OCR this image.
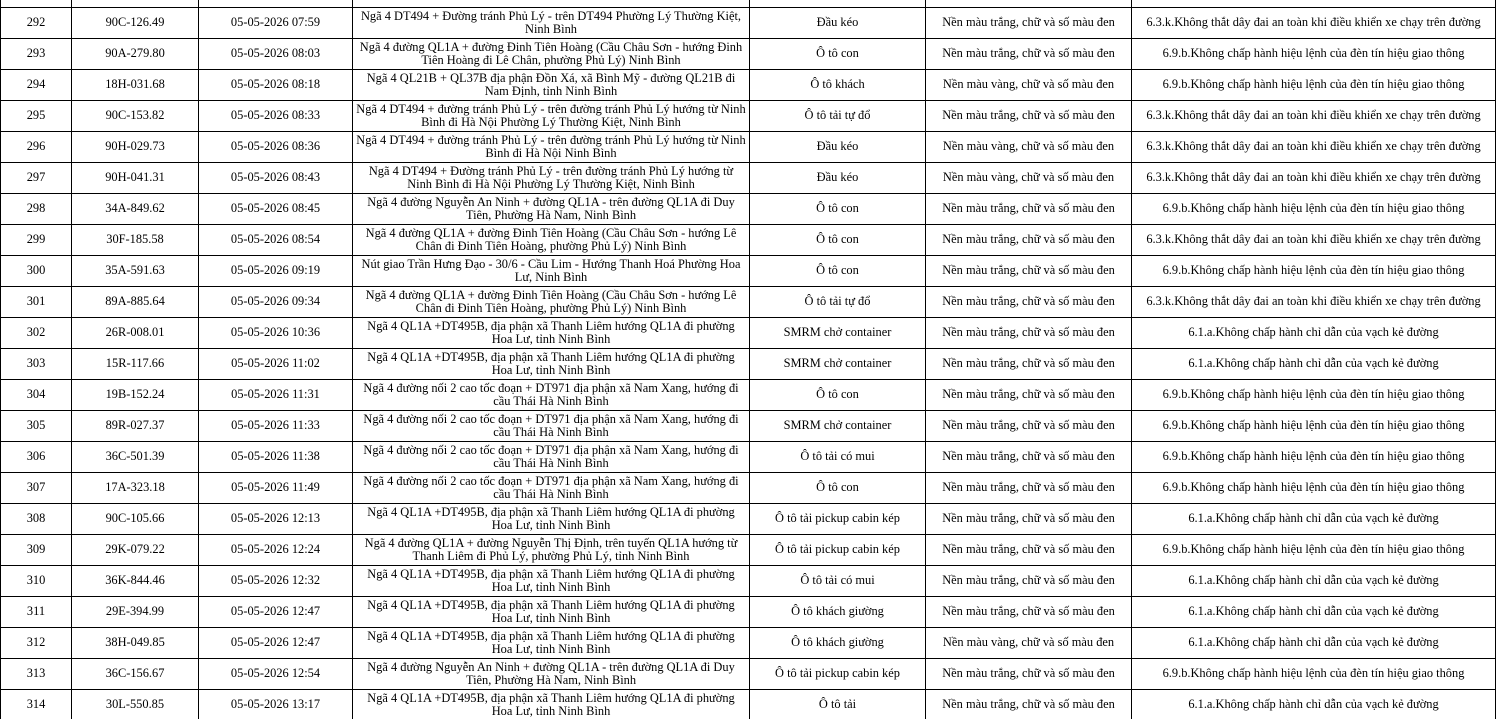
292	90C-126.49	05-05-2026 07:59	Ngã 4 DT494 + Đường tránh Phủ Lý - trên DT494 Phường Lý Thường Kiệt, Ninh Bình	Đầu kéo	Nền màu trắng, chữ và số màu đen	6.3.k.Không thắt dây đai an toàn khi điều khiển xe chạy trên đường
293	90A-279.80	05-05-2026 08:03	Ngã 4 đường QL1A + đường Đinh Tiên Hoàng (Cầu Châu Sơn - hướng Đinh Tiên Hoàng đi Lê Chân, phường Phủ Lý) Ninh Bình	Ô tô con	Nền màu trắng, chữ và số màu đen	6.9.b.Không chấp hành hiệu lệnh của đèn tín hiệu giao thông
294	18H-031.68	05-05-2026 08:18	Ngã 4 QL21B + QL37B địa phận Đồn Xá, xã Bình Mỹ - đường QL21B đi Nam Định, tỉnh Ninh Bình	Ô tô khách	Nền màu vàng, chữ và số màu đen	6.9.b.Không chấp hành hiệu lệnh của đèn tín hiệu giao thông
295	90C-153.82	05-05-2026 08:33	Ngã 4 DT494 + đường tránh Phủ Lý - trên đường tránh Phủ Lý hướng từ Ninh Bình đi Hà Nội Phường Lý Thường Kiệt, Ninh Bình	Ô tô tải tự đổ	Nền màu trắng, chữ và số màu đen	6.3.k.Không thắt dây đai an toàn khi điều khiển xe chạy trên đường
296	90H-029.73	05-05-2026 08:36	Ngã 4 DT494 + đường tránh Phủ Lý - trên đường tránh Phủ Lý hướng từ Ninh Bình đi Hà Nội Ninh Bình	Đầu kéo	Nền màu vàng, chữ và số màu đen	6.3.k.Không thắt dây đai an toàn khi điều khiển xe chạy trên đường
297	90H-041.31	05-05-2026 08:43	Ngã 4 DT494 + Đường tránh Phủ Lý - trên đường tránh Phủ Lý hướng từ Ninh Bình đi Hà Nội Phường Lý Thường Kiệt, Ninh Bình	Đầu kéo	Nền màu vàng, chữ và số màu đen	6.3.k.Không thắt dây đai an toàn khi điều khiển xe chạy trên đường
298	34A-849.62	05-05-2026 08:45	Ngã 4 đường Nguyễn An Ninh + đường QL1A - trên đường QL1A đi Duy Tiên, Phường Hà Nam, Ninh Bình	Ô tô con	Nền màu trắng, chữ và số màu đen	6.9.b.Không chấp hành hiệu lệnh của đèn tín hiệu giao thông
299	30F-185.58	05-05-2026 08:54	Ngã 4 đường QL1A + đường Đinh Tiên Hoàng (Cầu Châu Sơn - hướng Lê Chân đi Đinh Tiên Hoàng, phường Phủ Lý) Ninh Bình	Ô tô con	Nền màu trắng, chữ và số màu đen	6.3.k.Không thắt dây đai an toàn khi điều khiển xe chạy trên đường
300	35A-591.63	05-05-2026 09:19	Nút giao Trần Hưng Đạo - 30/6 - Cầu Lim - Hướng Thanh Hoá Phường Hoa Lư, Ninh Bình	Ô tô con	Nền màu trắng, chữ và số màu đen	6.9.b.Không chấp hành hiệu lệnh của đèn tín hiệu giao thông
301	89A-885.64	05-05-2026 09:34	Ngã 4 đường QL1A + đường Đinh Tiên Hoàng (Cầu Châu Sơn - hướng Lê Chân đi Đinh Tiên Hoàng, phường Phủ Lý) Ninh Bình	Ô tô tải tự đổ	Nền màu trắng, chữ và số màu đen	6.3.k.Không thắt dây đai an toàn khi điều khiển xe chạy trên đường
302	26R-008.01	05-05-2026 10:36	Ngã 4 QL1A +DT495B, địa phận xã Thanh Liêm hướng QL1A đi phường Hoa Lư, tỉnh Ninh Bình	SMRM chở container	Nền màu trắng, chữ và số màu đen	6.1.a.Không chấp hành chỉ dẫn của vạch kẻ đường
303	15R-117.66	05-05-2026 11:02	Ngã 4 QL1A +DT495B, địa phận xã Thanh Liêm hướng QL1A đi phường Hoa Lư, tỉnh Ninh Bình	SMRM chở container	Nền màu trắng, chữ và số màu đen	6.1.a.Không chấp hành chỉ dẫn của vạch kẻ đường
304	19B-152.24	05-05-2026 11:31	Ngã 4 đường nối 2 cao tốc đoạn + DT971 địa phận xã Nam Xang, hướng đi cầu Thái Hà Ninh Bình	Ô tô con	Nền màu trắng, chữ và số màu đen	6.9.b.Không chấp hành hiệu lệnh của đèn tín hiệu giao thông
305	89R-027.37	05-05-2026 11:33	Ngã 4 đường nối 2 cao tốc đoạn + DT971 địa phận xã Nam Xang, hướng đi cầu Thái Hà Ninh Bình	SMRM chở container	Nền màu trắng, chữ và số màu đen	6.9.b.Không chấp hành hiệu lệnh của đèn tín hiệu giao thông
306	36C-501.39	05-05-2026 11:38	Ngã 4 đường nối 2 cao tốc đoạn + DT971 địa phận xã Nam Xang, hướng đi cầu Thái Hà Ninh Bình	Ô tô tải có mui	Nền màu trắng, chữ và số màu đen	6.9.b.Không chấp hành hiệu lệnh của đèn tín hiệu giao thông
307	17A-323.18	05-05-2026 11:49	Ngã 4 đường nối 2 cao tốc đoạn + DT971 địa phận xã Nam Xang, hướng đi cầu Thái Hà Ninh Bình	Ô tô con	Nền màu trắng, chữ và số màu đen	6.9.b.Không chấp hành hiệu lệnh của đèn tín hiệu giao thông
308	90C-105.66	05-05-2026 12:13	Ngã 4 QL1A +DT495B, địa phận xã Thanh Liêm hướng QL1A đi phường Hoa Lư, tỉnh Ninh Bình	Ô tô tải pickup cabin kép	Nền màu trắng, chữ và số màu đen	6.1.a.Không chấp hành chỉ dẫn của vạch kẻ đường
309	29K-079.22	05-05-2026 12:24	Ngã 4 đường QL1A + đường Nguyễn Thị Định, trên tuyến QL1A hướng từ Thanh Liêm đi Phủ Lý, phường Phủ Lý, tỉnh Ninh Bình	Ô tô tải pickup cabin kép	Nền màu trắng, chữ và số màu đen	6.9.b.Không chấp hành hiệu lệnh của đèn tín hiệu giao thông
310	36K-844.46	05-05-2026 12:32	Ngã 4 QL1A +DT495B, địa phận xã Thanh Liêm hướng QL1A đi phường Hoa Lư, tỉnh Ninh Bình	Ô tô tải có mui	Nền màu trắng, chữ và số màu đen	6.1.a.Không chấp hành chỉ dẫn của vạch kẻ đường
311	29E-394.99	05-05-2026 12:47	Ngã 4 QL1A +DT495B, địa phận xã Thanh Liêm hướng QL1A đi phường Hoa Lư, tỉnh Ninh Bình	Ô tô khách giường	Nền màu trắng, chữ và số màu đen	6.1.a.Không chấp hành chỉ dẫn của vạch kẻ đường
312	38H-049.85	05-05-2026 12:47	Ngã 4 QL1A +DT495B, địa phận xã Thanh Liêm hướng QL1A đi phường Hoa Lư, tỉnh Ninh Bình	Ô tô khách giường	Nền màu vàng, chữ và số màu đen	6.1.a.Không chấp hành chỉ dẫn của vạch kẻ đường
313	36C-156.67	05-05-2026 12:54	Ngã 4 đường Nguyễn An Ninh + đường QL1A - trên đường QL1A đi Duy Tiên, Phường Hà Nam, Ninh Bình	Ô tô tải pickup cabin kép	Nền màu trắng, chữ và số màu đen	6.9.b.Không chấp hành hiệu lệnh của đèn tín hiệu giao thông
314	30L-550.85	05-05-2026 13:17	Ngã 4 QL1A +DT495B, địa phận xã Thanh Liêm hướng QL1A đi phường Hoa Lư, tỉnh Ninh Bình	Ô tô tải	Nền màu trắng, chữ và số màu đen	6.1.a.Không chấp hành chỉ dẫn của vạch kẻ đường
